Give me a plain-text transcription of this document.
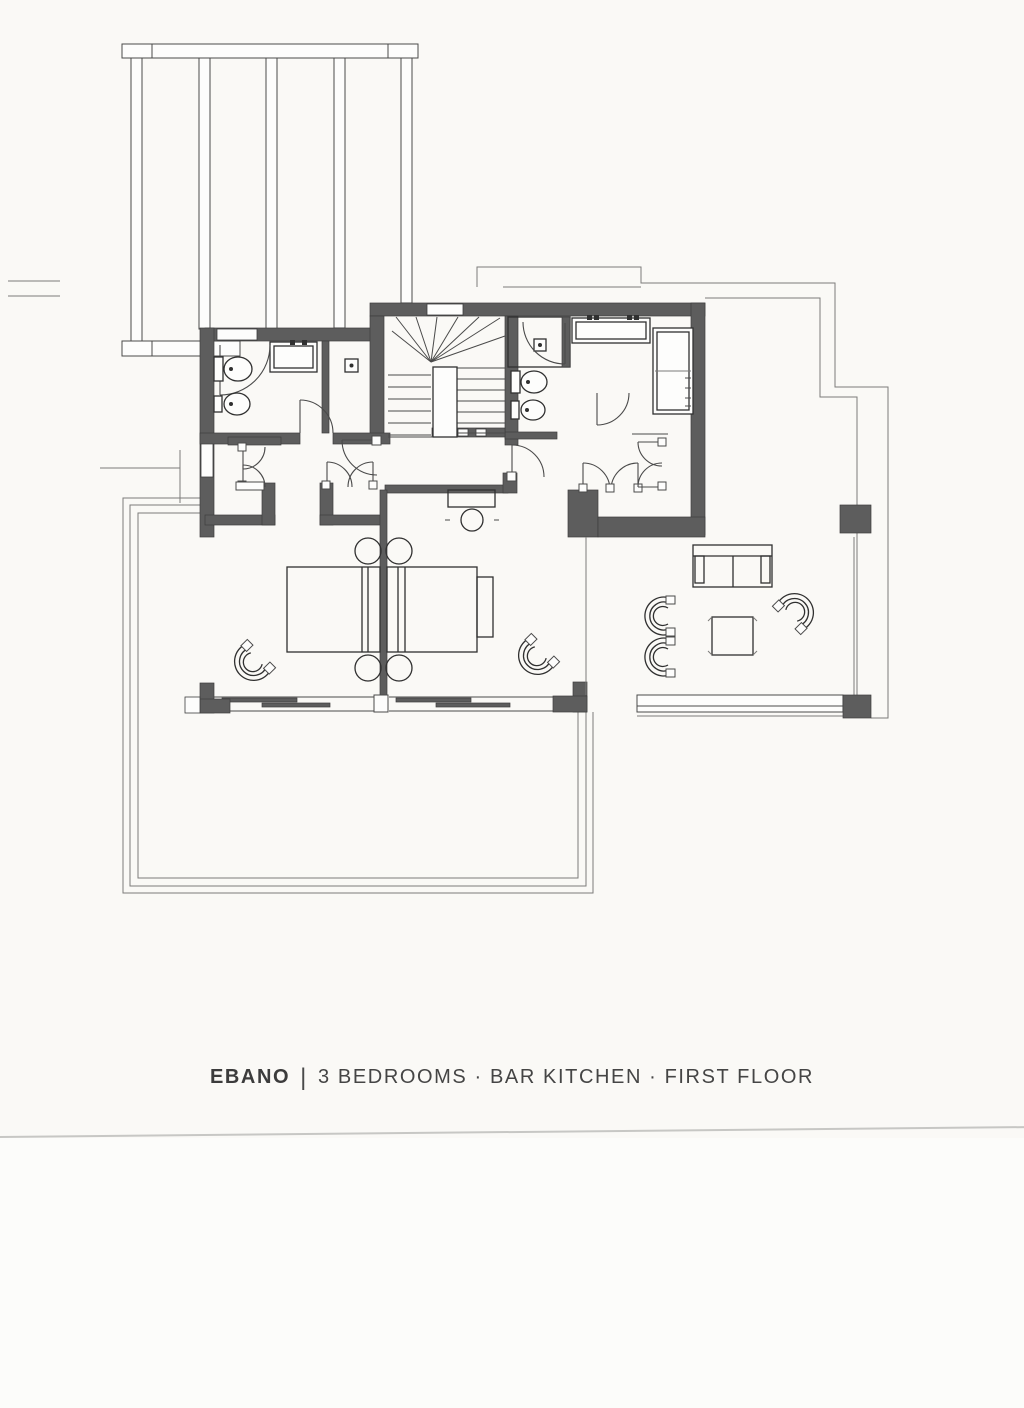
EBANO | 3 BEDROOMS · BAR KITCHEN · FIRST FLOOR
